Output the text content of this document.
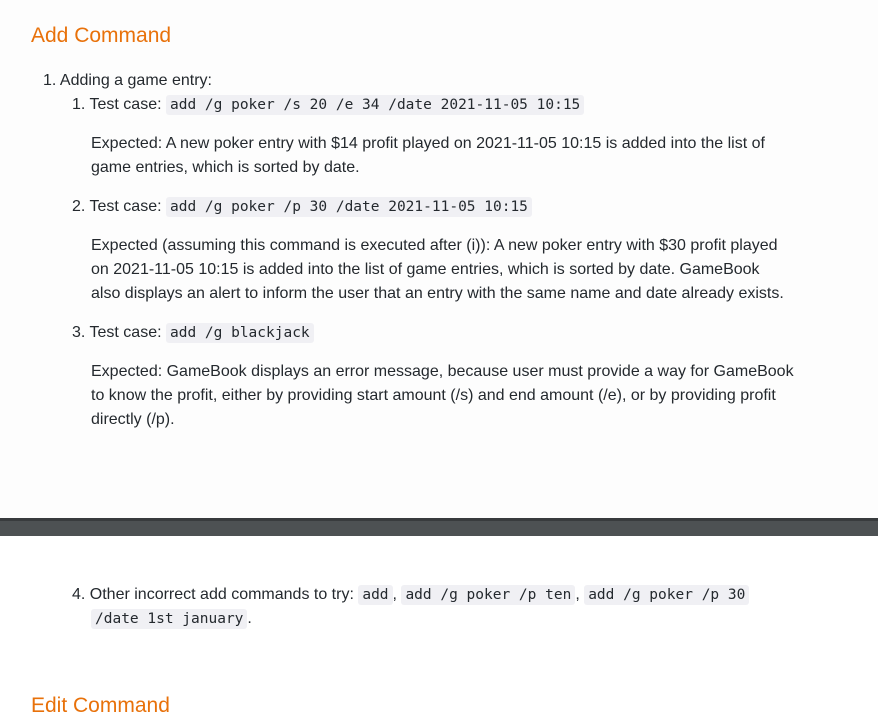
Add Command

1. Adding a game entry:

1. Test case: add /g poker /s 20 /e 34 /date 2021-11-05 10:15

Expected: A new poker entry with $14 profit played on 2021-11-05 10:15 is added into the list of

game entries, which is sorted by date.

2. Test case: add /g poker /p 30 /date 2021-11-05 10:15

Expected (assuming this command is executed after (i)): A new poker entry with $30 profit played

on 2021-11-05 10:15 is added into the list of game entries, which is sorted by date. GameBook

also displays an alert to inform the user that an entry with the same name and date already exists.

3. Test case: add /g blackjack

Expected: GameBook displays an error message, because user must provide a way for GameBook

to know the profit, either by providing start amount (/s) and end amount (/e), or by providing profit

directly (/p).

4. Other incorrect add commands to try: add , add /g poker /p ten , add /g poker /p 30

/date 1st january .

Edit Command
